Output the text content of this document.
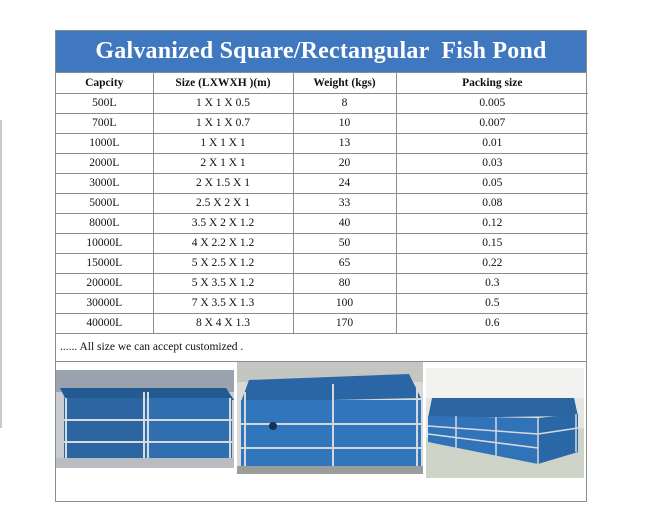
Galvanized Square/Rectangular  Fish Pond
Capcity	Size (LXWXH )(m)	Weight (kgs)	Packing size
500L	1 X 1 X 0.5	8	0.005
700L	1 X 1 X 0.7	10	0.007
1000L	1 X 1 X 1	13	0.01
2000L	2 X 1 X 1	20	0.03
3000L	2 X 1.5 X 1	24	0.05
5000L	2.5 X 2 X 1	33	0.08
8000L	3.5 X 2 X 1.2	40	0.12
10000L	4 X 2.2 X 1.2	50	0.15
15000L	5 X 2.5 X 1.2	65	0.22
20000L	5 X 3.5 X 1.2	80	0.3
30000L	7 X 3.5 X 1.3	100	0.5
40000L	8 X 4 X 1.3	170	0.6
...... All size we can accept customized .
